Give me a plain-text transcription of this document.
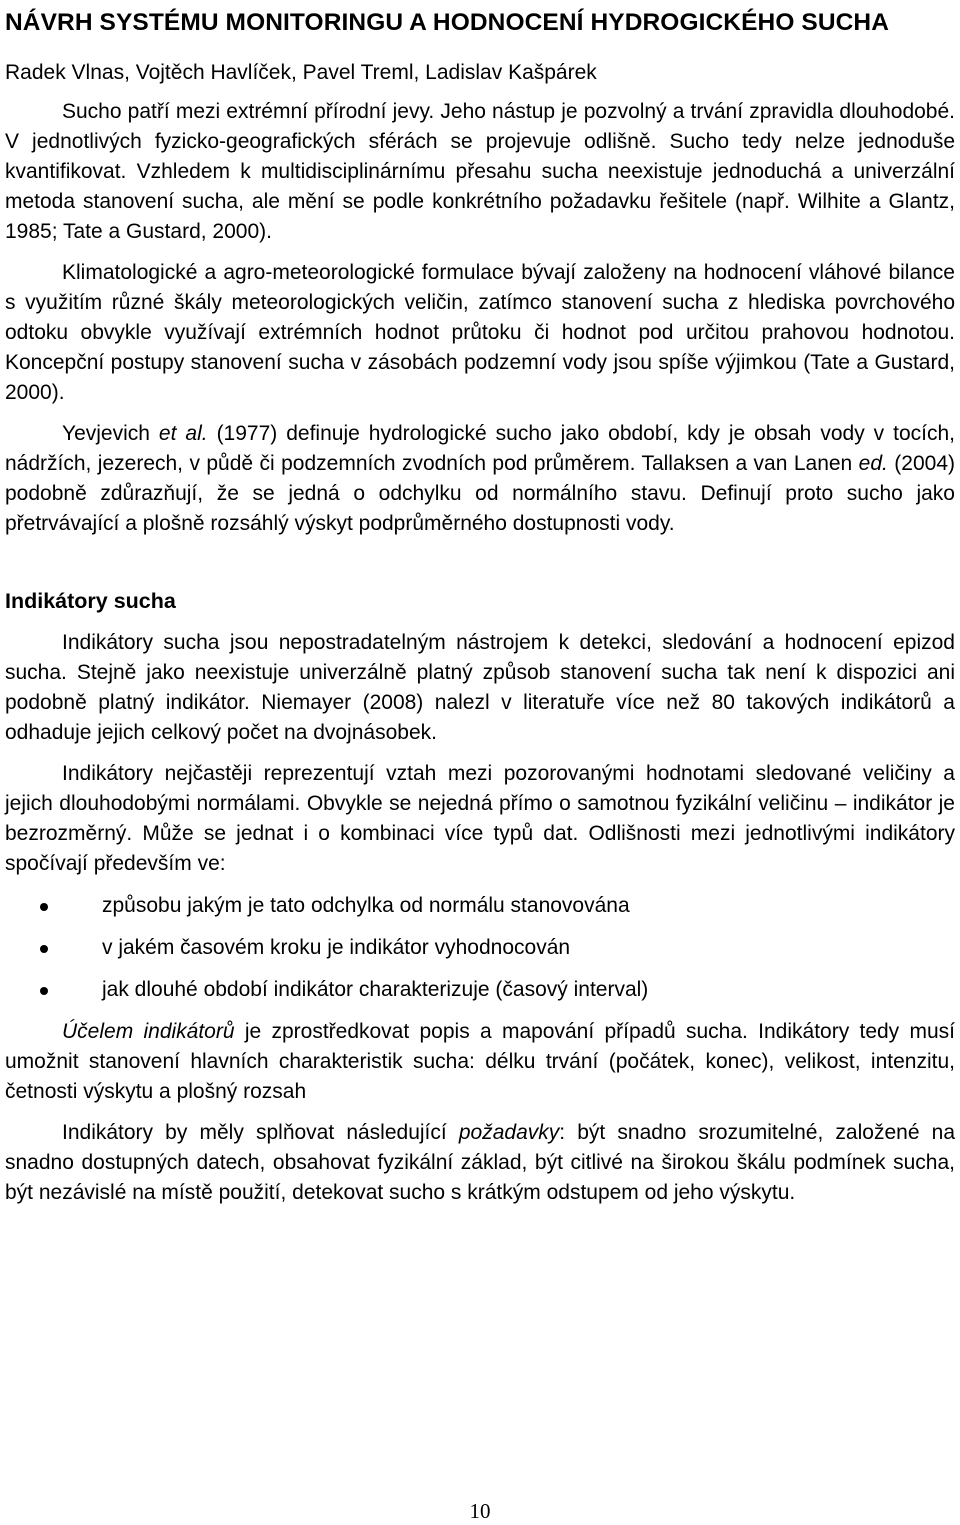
NÁVRH SYSTÉMU MONITORINGU A HODNOCENÍ HYDROGICKÉHO SUCHA
Radek Vlnas, Vojtěch Havlíček, Pavel Treml, Ladislav Kašpárek

Sucho patří mezi extrémní přírodní jevy. Jeho nástup je pozvolný a trvání zpravidla dlouhodobé. V jednotlivých fyzicko-geografických sférách se projevuje odlišně. Sucho tedy nelze jednoduše kvantifikovat. Vzhledem k multidisciplinárnímu přesahu sucha neexistuje jednoduchá a univerzální metoda stanovení sucha, ale mění se podle konkrétního požadavku řešitele (např. Wilhite a Glantz, 1985; Tate a Gustard, 2000).

Klimatologické a agro-meteorologické formulace bývají založeny na hodnocení vláhové bilance s využitím různé škály meteorologických veličin, zatímco stanovení sucha z hlediska povrchového odtoku obvykle využívají extrémních hodnot průtoku či hodnot pod určitou prahovou hodnotou. Koncepční postupy stanovení sucha v zásobách podzemní vody jsou spíše výjimkou (Tate a Gustard, 2000).

Yevjevich et al. (1977) definuje hydrologické sucho jako období, kdy je obsah vody v tocích, nádržích, jezerech, v půdě či podzemních zvodních pod průměrem. Tallaksen a van Lanen ed. (2004) podobně zdůrazňují, že se jedná o odchylku od normálního stavu. Definují proto sucho jako přetrvávající a plošně rozsáhlý výskyt podprůměrného dostupnosti vody.

Indikátory sucha

Indikátory sucha jsou nepostradatelným nástrojem k detekci, sledování a hodnocení epizod sucha. Stejně jako neexistuje univerzálně platný způsob stanovení sucha tak není k dispozici ani podobně platný indikátor. Niemayer (2008) nalezl v literatuře více než 80 takových indikátorů a odhaduje jejich celkový počet na dvojnásobek.

Indikátory nejčastěji reprezentují vztah mezi pozorovanými hodnotami sledované veličiny a jejich dlouhodobými normálami. Obvykle se nejedná přímo o samotnou fyzikální veličinu – indikátor je bezrozměrný. Může se jednat i o kombinaci více typů dat. Odlišnosti mezi jednotlivými indikátory spočívají především ve:

způsobu jakým je tato odchylka od normálu stanovována
v jakém časovém kroku je indikátor vyhodnocován
jak dlouhé období indikátor charakterizuje (časový interval)

Účelem indikátorů je zprostředkovat popis a mapování případů sucha. Indikátory tedy musí umožnit stanovení hlavních charakteristik sucha: délku trvání (počátek, konec), velikost, intenzitu, četnosti výskytu a plošný rozsah

Indikátory by měly splňovat následující požadavky: být snadno srozumitelné, založené na snadno dostupných datech, obsahovat fyzikální základ, být citlivé na širokou škálu podmínek sucha, být nezávislé na místě použití, detekovat sucho s krátkým odstupem od jeho výskytu.

10
